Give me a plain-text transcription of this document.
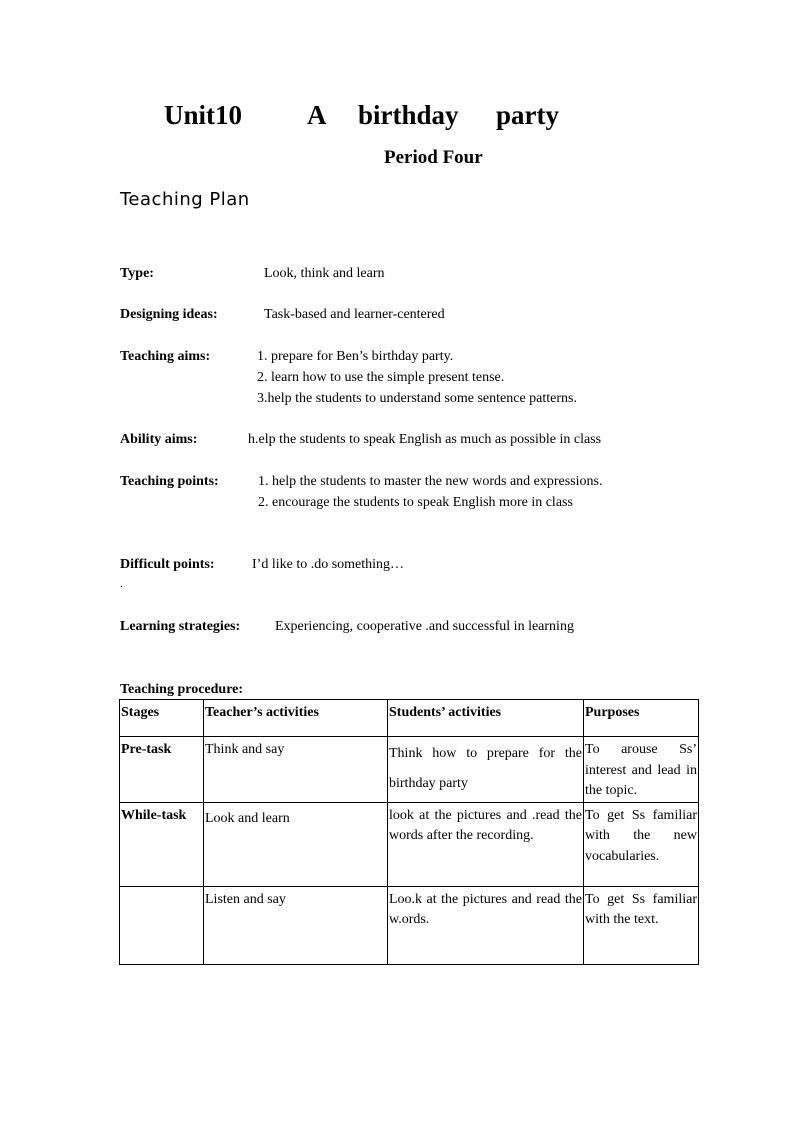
Unit10 A birthday party
Period Four
Teaching Plan
Type:	Look, think and learn
Designing ideas:	Task-based and learner-centered
Teaching aims:	1. prepare for Ben’s birthday party.
2. learn how to use the simple present tense.
3.help the students to understand some sentence patterns.
Ability aims:	h.elp the students to speak English as much as possible in class
Teaching points:	1. help the students to master the new words and expressions.
2. encourage the students to speak English more in class
Difficult points:	I’d like to .do something…
.
Learning strategies: Experiencing, cooperative .and successful in learning
Teaching procedure:
Stages	Teacher’s activities	Students’ activities	Purposes
Pre-task	Think and say	Think how to prepare for the birthday party	To arouse Ss’ interest and lead in the topic.
While-task	Look and learn	look at the pictures and .read the words after the recording.	To get Ss familiar with the new vocabularies.
	Listen and say	Loo.k at the pictures and read the w.ords.	To get Ss familiar with the text.
